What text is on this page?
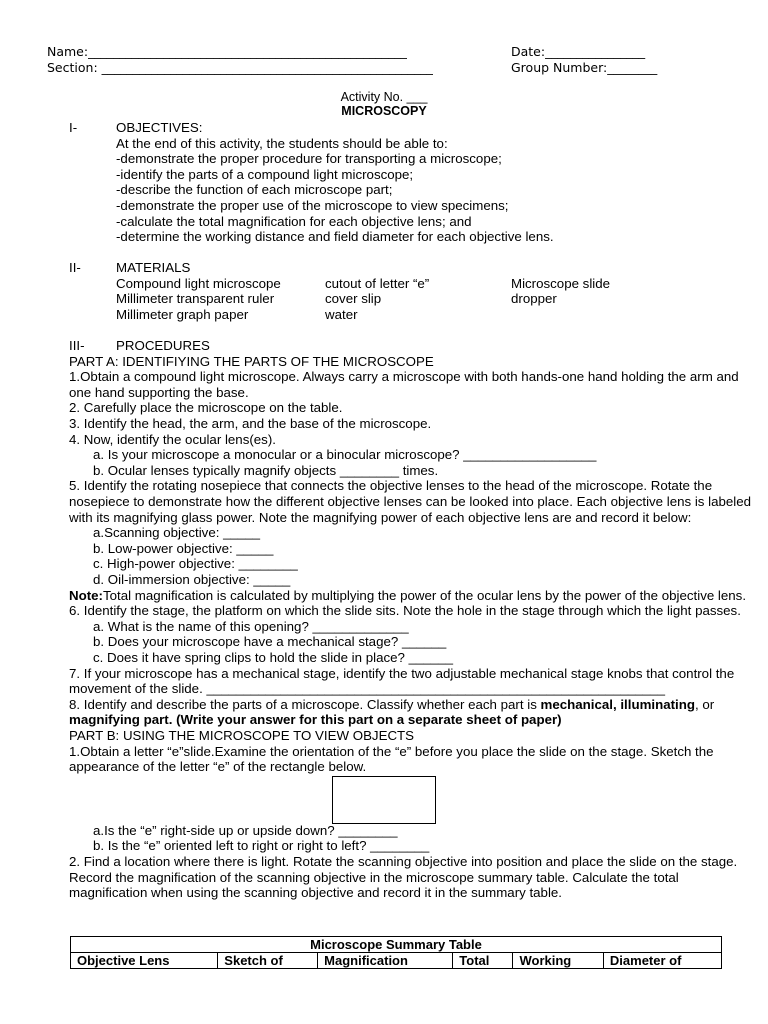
Name:___________________________________________________
Section: _____________________________________________________
Date:________________
Group Number:________
Activity No. ___
MICROSCOPY
I-	OBJECTIVES:
At the end of this activity, the students should be able to:
-demonstrate the proper procedure for transporting a microscope;
-identify the parts of a compound light microscope;
-describe the function of each microscope part;
-demonstrate the proper use of the microscope to view specimens;
-calculate the total magnification for each objective lens; and
-determine the working distance and field diameter for each objective lens.
II-	MATERIALS
Compound light microscope	cutout of letter “e”	Microscope slide
Millimeter transparent ruler	cover slip	dropper
Millimeter graph paper	water
III- PROCEDURES
PART A: IDENTIFIYING THE PARTS OF THE MICROSCOPE
1.Obtain a compound light microscope. Always carry a microscope with both hands-one hand holding the arm and
one hand supporting the base.
2. Carefully place the microscope on the table.
3. Identify the head, the arm, and the base of the microscope.
4. Now, identify the ocular lens(es).
a. Is your microscope a monocular or a binocular microscope? __________________
b. Ocular lenses typically magnify objects ________ times.
5. Identify the rotating nosepiece that connects the objective lenses to the head of the microscope. Rotate the
nosepiece to demonstrate how the different objective lenses can be looked into place. Each objective lens is labeled
with its magnifying glass power. Note the magnifying power of each objective lens are and record it below:
a.Scanning objective: _____
b. Low-power objective: _____
c. High-power objective: ________
d. Oil-immersion objective: _____
Note:Total magnification is calculated by multiplying the power of the ocular lens by the power of the objective lens.
6. Identify the stage, the platform on which the slide sits. Note the hole in the stage through which the light passes.
a. What is the name of this opening? _____________
b. Does your microscope have a mechanical stage? ______
c. Does it have spring clips to hold the slide in place? ______
7. If your microscope has a mechanical stage, identify the two adjustable mechanical stage knobs that control the
movement of the slide. ______________________________________________________________
8. Identify and describe the parts of a microscope. Classify whether each part is mechanical, illuminating, or
magnifying part. (Write your answer for this part on a separate sheet of paper)
PART B: USING THE MICROSCOPE TO VIEW OBJECTS
1.Obtain a letter “e”slide.Examine the orientation of the “e” before you place the slide on the stage. Sketch the
appearance of the letter “e” of the rectangle below.
a.Is the “e” right-side up or upside down? ________
b. Is the “e” oriented left to right or right to left? ________
2. Find a location where there is light. Rotate the scanning objective into position and place the slide on the stage.
Record the magnification of the scanning objective in the microscope summary table. Calculate the total
magnification when using the scanning objective and record it in the summary table.
Microscope Summary Table
Objective Lens	Sketch of	Magnification	Total	Working	Diameter of
